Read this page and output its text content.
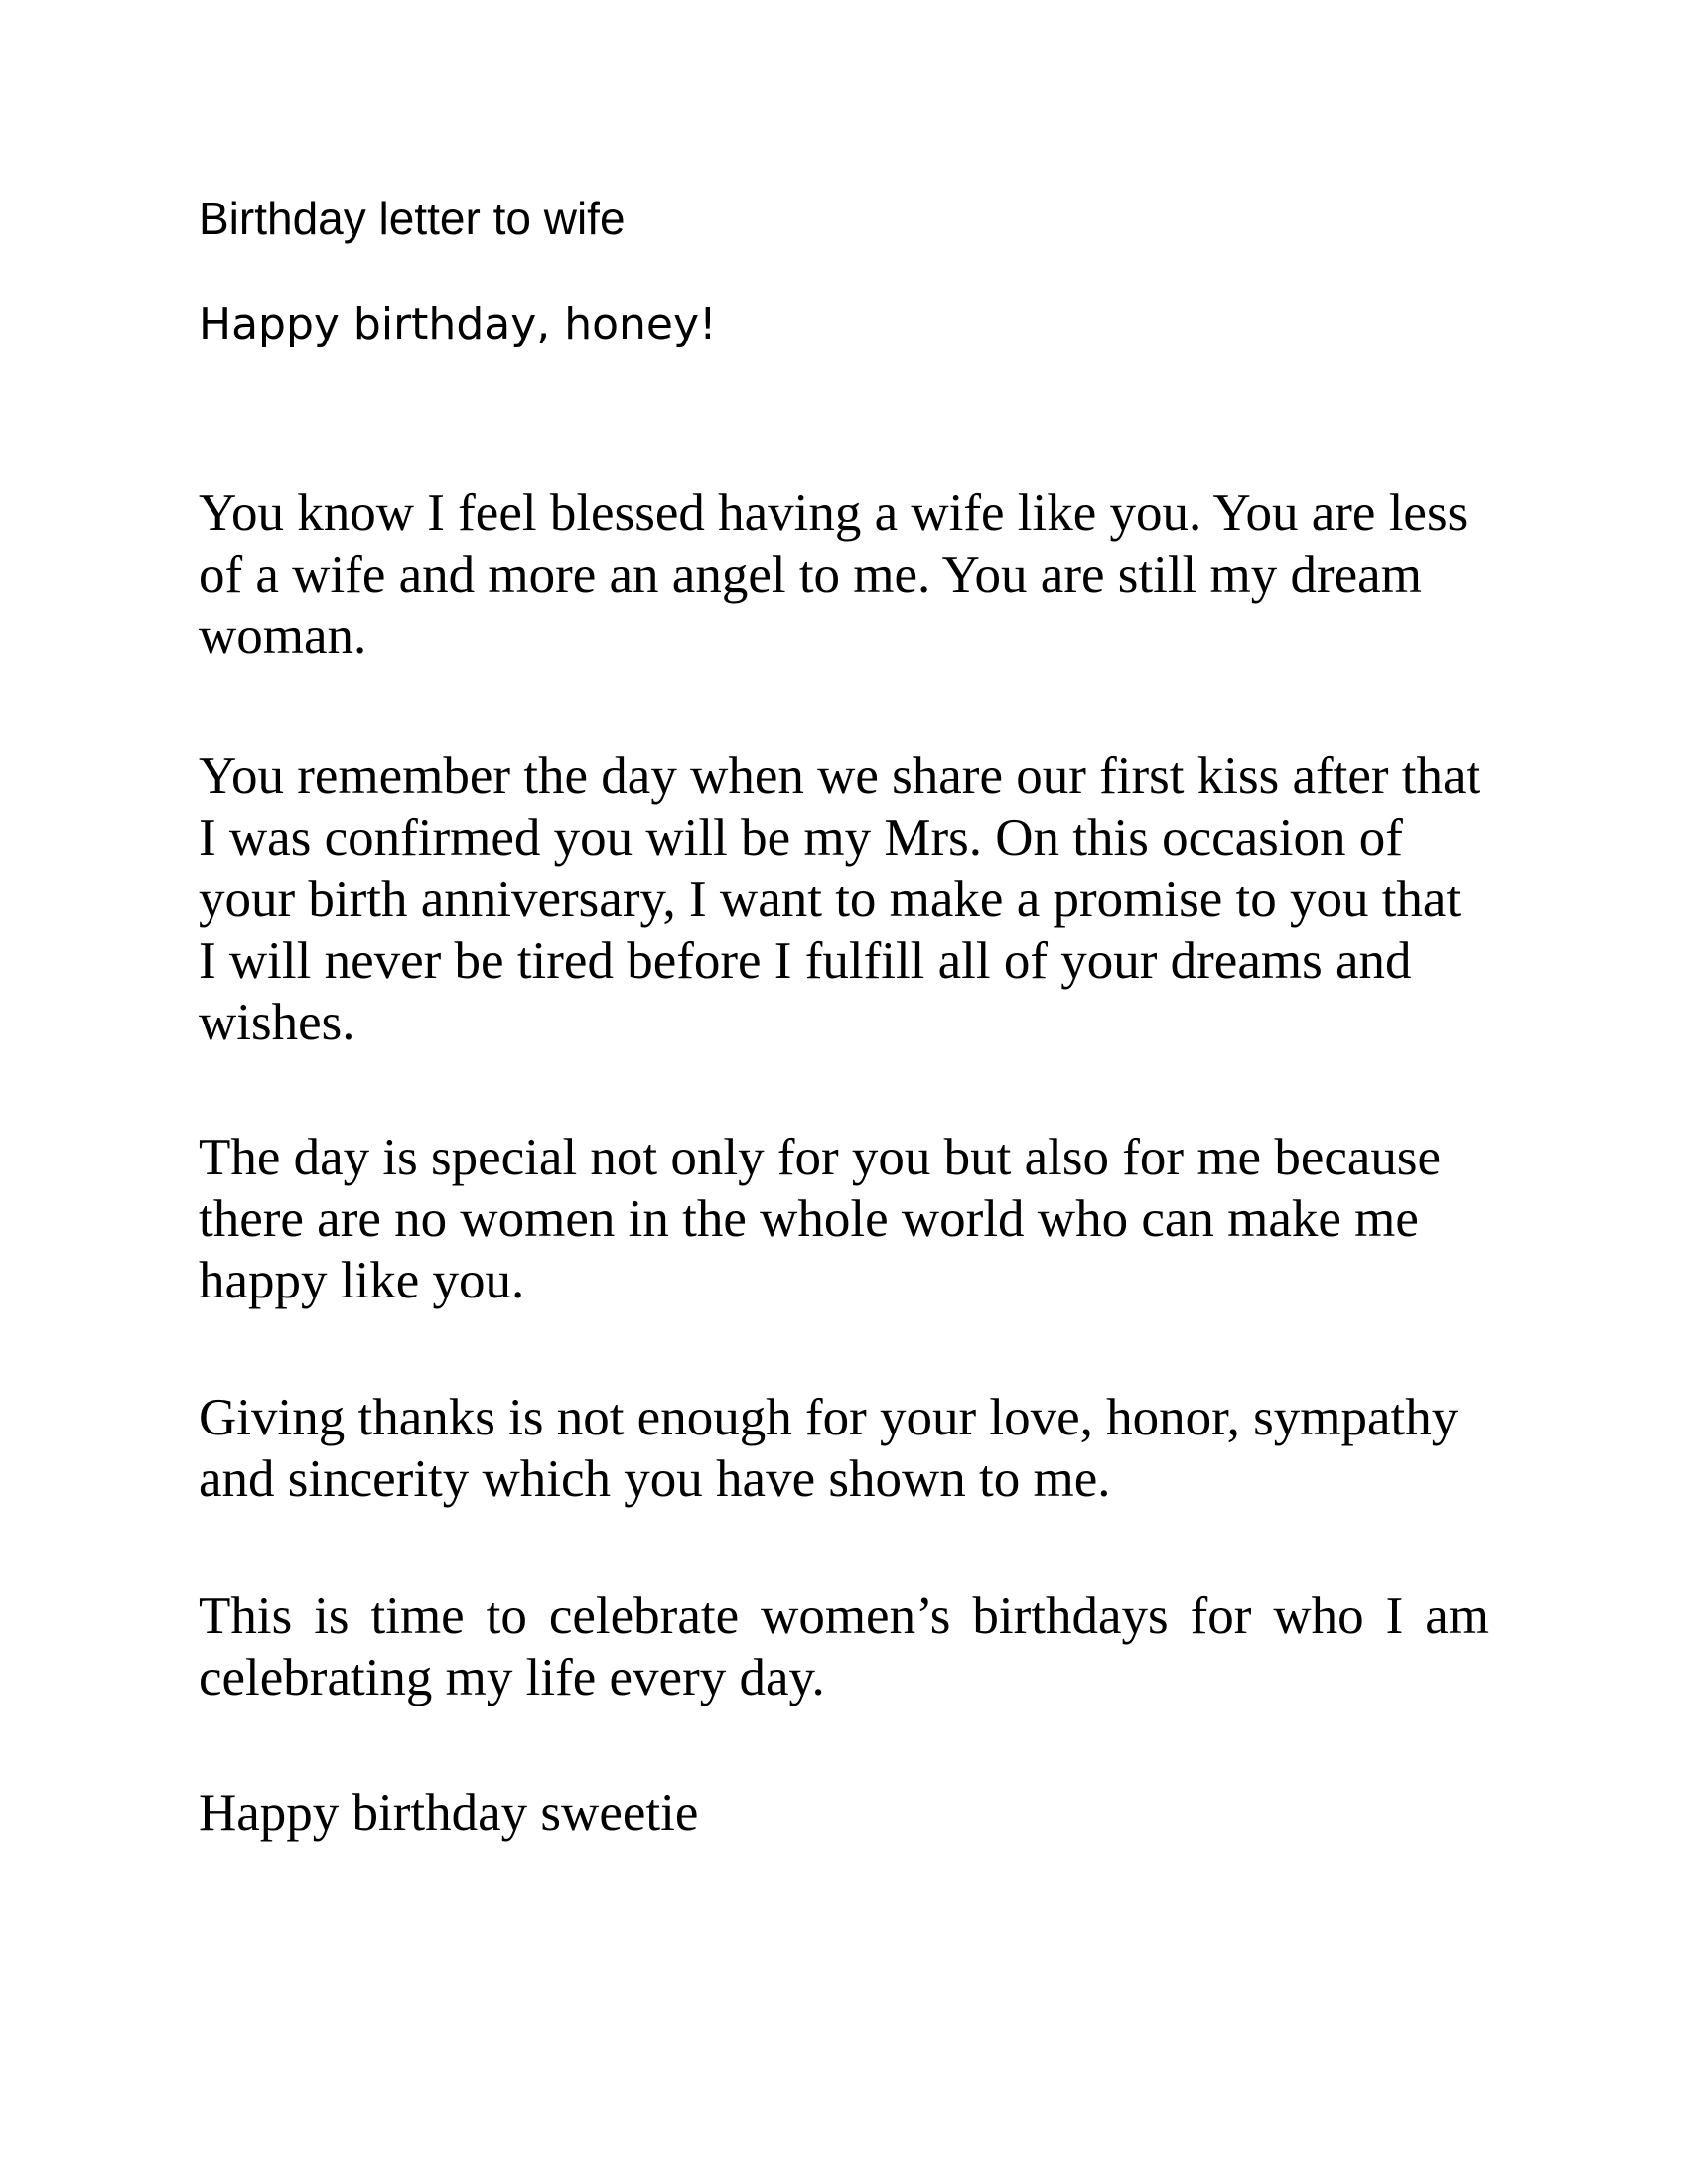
Birthday letter to wife

Happy birthday, honey!

You know I feel blessed having a wife like you. You are less of a wife and more an angel to me. You are still my dream woman.

You remember the day when we share our first kiss after that I was confirmed you will be my Mrs. On this occasion of your birth anniversary, I want to make a promise to you that I will never be tired before I fulfill all of your dreams and wishes.

The day is special not only for you but also for me because there are no women in the whole world who can make me happy like you.

Giving thanks is not enough for your love, honor, sympathy and sincerity which you have shown to me.

This is time to celebrate women’s birthdays for who I am celebrating my life every day.

Happy birthday sweetie
